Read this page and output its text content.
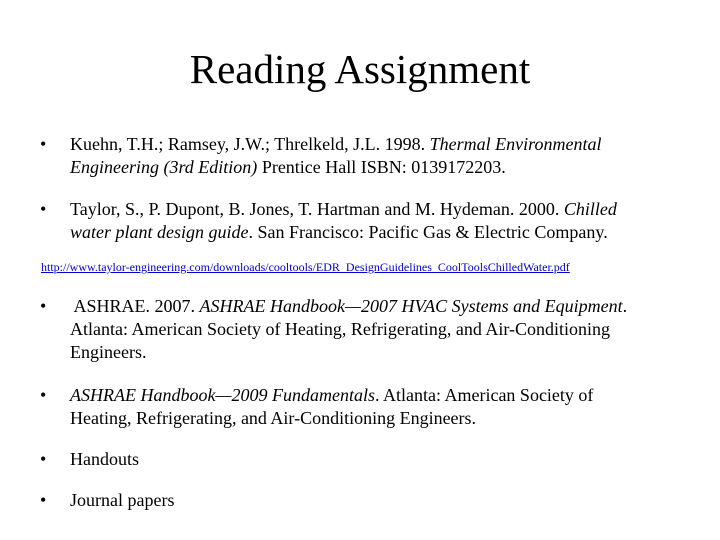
Reading Assignment
•	Kuehn, T.H.; Ramsey, J.W.; Threlkeld, J.L. 1998. Thermal Environmental
Engineering (3rd Edition) Prentice Hall ISBN: 0139172203.
•	Taylor, S., P. Dupont, B. Jones, T. Hartman and M. Hydeman. 2000. Chilled
water plant design guide. San Francisco: Pacific Gas & Electric Company.
http://www.taylor-engineering.com/downloads/cooltools/EDR_DesignGuidelines_CoolToolsChilledWater.pdf
•	ASHRAE. 2007. ASHRAE Handbook—2007 HVAC Systems and Equipment.
Atlanta: American Society of Heating, Refrigerating, and Air-Conditioning
Engineers.
•	ASHRAE Handbook—2009 Fundamentals. Atlanta: American Society of
Heating, Refrigerating, and Air-Conditioning Engineers.
•	Handouts
•	Journal papers
